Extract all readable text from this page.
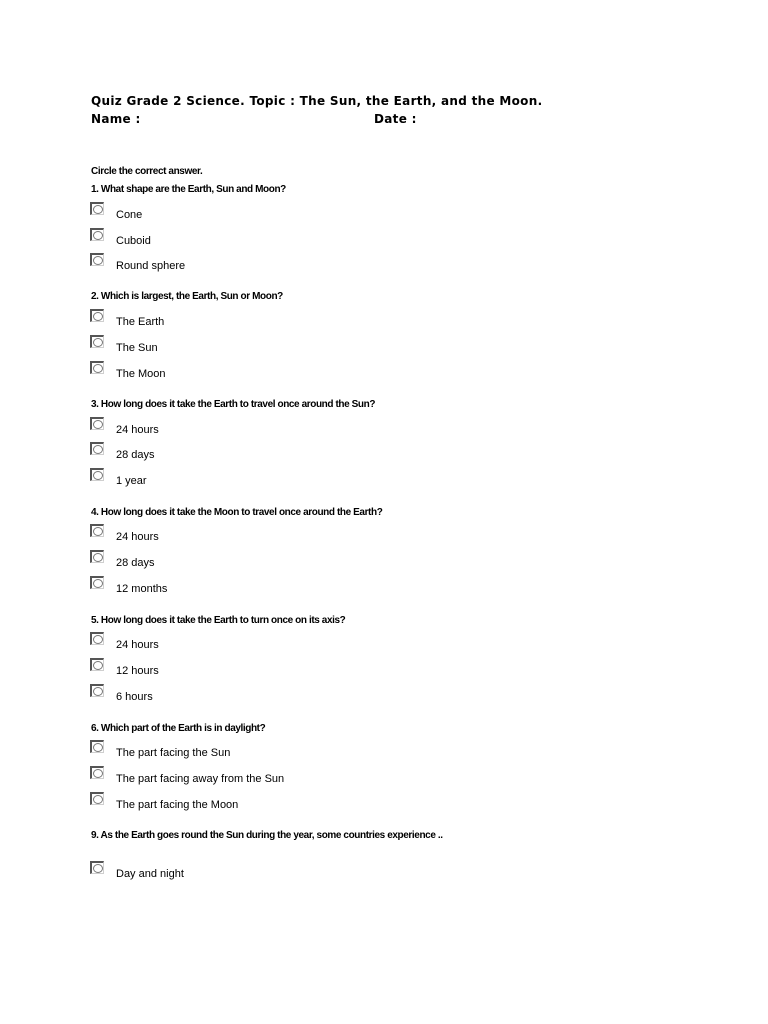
Quiz Grade 2 Science. Topic : The Sun, the Earth, and the Moon.
Name :	Date :
Circle the correct answer.
1. What shape are the Earth, Sun and Moon?
Cone
Cuboid
Round sphere
2. Which is largest, the Earth, Sun or Moon?
The Earth
The Sun
The Moon
3. How long does it take the Earth to travel once around the Sun?
24 hours
28 days
1 year
4. How long does it take the Moon to travel once around the Earth?
24 hours
28 days
12 months
5. How long does it take the Earth to turn once on its axis?
24 hours
12 hours
6 hours
6. Which part of the Earth is in daylight?
The part facing the Sun
The part facing away from the Sun
The part facing the Moon
9. As the Earth goes round the Sun during the year, some countries experience ..
Day and night
